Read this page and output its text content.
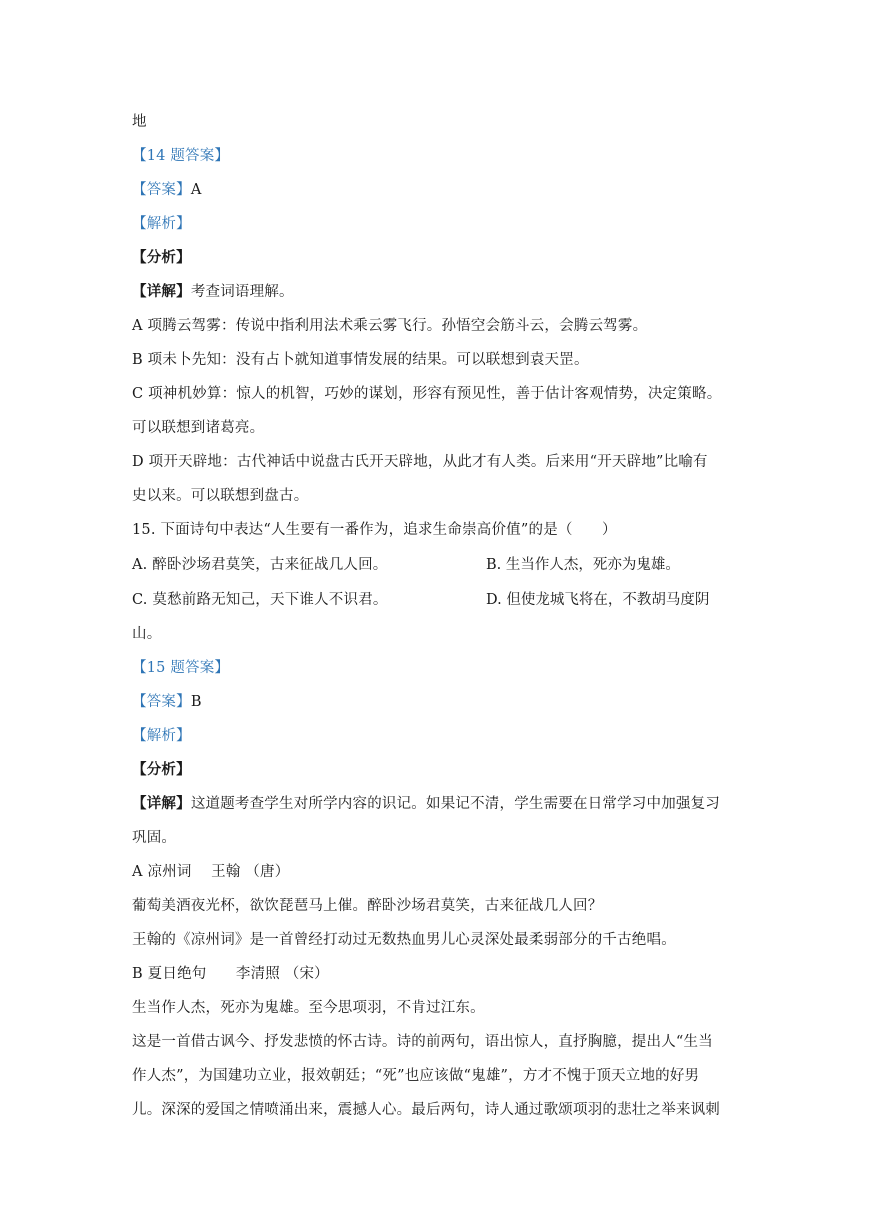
地
【14 题答案】
【答案】A
【解析】
【分析】
【详解】考查词语理解。
A 项腾云驾雾：传说中指利用法术乘云雾飞行。孙悟空会筋斗云，会腾云驾雾。
B 项未卜先知：没有占卜就知道事情发展的结果。可以联想到袁天罡。
C 项神机妙算：惊人的机智，巧妙的谋划，形容有预见性，善于估计客观情势，决定策略。
可以联想到诸葛亮。
D 项开天辟地：古代神话中说盘古氏开天辟地，从此才有人类。后来用“开天辟地”比喻有
史以来。可以联想到盘古。
15. 下面诗句中表达“人生要有一番作为，追求生命崇高价值”的是（　　）
A. 醉卧沙场君莫笑，古来征战几人回。	B. 生当作人杰，死亦为鬼雄。
C. 莫愁前路无知己，天下谁人不识君。	D. 但使龙城飞将在，不教胡马度阴
山。
【15 题答案】
【答案】B
【解析】
【分析】
【详解】这道题考查学生对所学内容的识记。如果记不清，学生需要在日常学习中加强复习
巩固。
A 凉州词　 王翰 （唐）
葡萄美酒夜光杯，欲饮琵琶马上催。醉卧沙场君莫笑，古来征战几人回？
王翰的《凉州词》是一首曾经打动过无数热血男儿心灵深处最柔弱部分的千古绝唱。
B 夏日绝句　　李清照 （宋）
生当作人杰，死亦为鬼雄。至今思项羽，不肯过江东。
这是一首借古讽今、抒发悲愤的怀古诗。诗的前两句，语出惊人，直抒胸臆，提出人“生当
作人杰”，为国建功立业，报效朝廷；“死”也应该做“鬼雄”，方才不愧于顶天立地的好男
儿。深深的爱国之情喷涌出来，震撼人心。最后两句，诗人通过歌颂项羽的悲壮之举来讽刺
